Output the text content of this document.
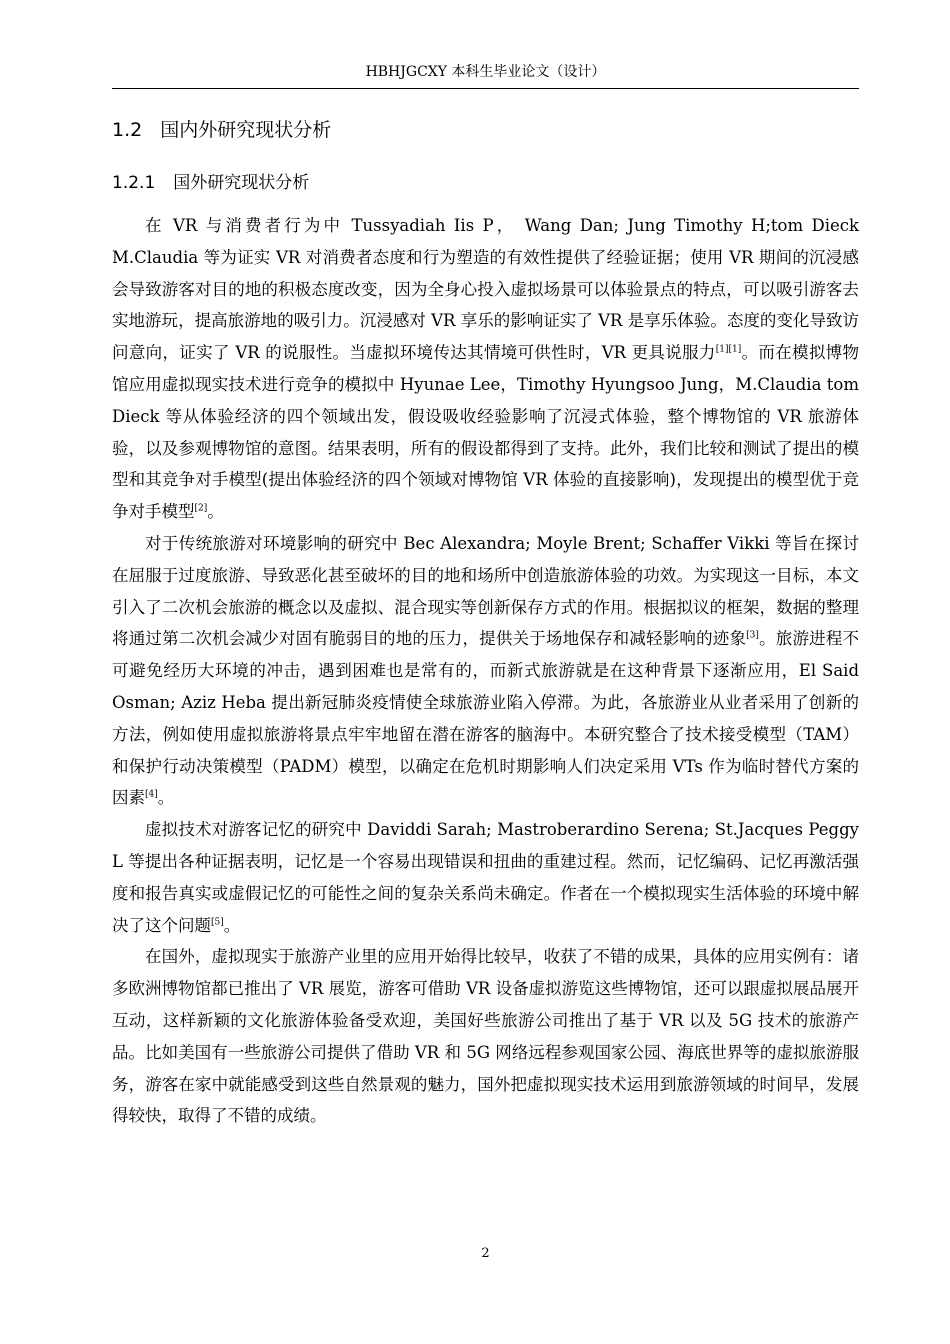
HBHJGCXY 本科生毕业论文（设计）
1.2 国内外研究现状分析
1.2.1 国外研究现状分析

在 VR 与消费者行为中 Tussyadiah Iis P， Wang Dan; Jung Timothy H;tom Dieck M.Claudia 等为证实 VR 对消费者态度和行为塑造的有效性提供了经验证据；使用 VR 期间的沉浸感会导致游客对目的地的积极态度改变，因为全身心投入虚拟场景可以体验景点的特点，可以吸引游客去实地游玩，提高旅游地的吸引力。沉浸感对 VR 享乐的影响证实了 VR 是享乐体验。态度的变化导致访问意向，证实了 VR 的说服性。当虚拟环境传达其情境可供性时，VR 更具说服力[1][1]。而在模拟博物馆应用虚拟现实技术进行竞争的模拟中 Hyunae Lee，Timothy Hyungsoo Jung，M.Claudia tom Dieck 等从体验经济的四个领域出发，假设吸收经验影响了沉浸式体验，整个博物馆的 VR 旅游体验，以及参观博物馆的意图。结果表明，所有的假设都得到了支持。此外，我们比较和测试了提出的模型和其竞争对手模型(提出体验经济的四个领域对博物馆 VR 体验的直接影响)，发现提出的模型优于竞争对手模型[2]。

对于传统旅游对环境影响的研究中 Bec Alexandra; Moyle Brent; Schaffer Vikki 等旨在探讨在屈服于过度旅游、导致恶化甚至破坏的目的地和场所中创造旅游体验的功效。为实现这一目标，本文引入了二次机会旅游的概念以及虚拟、混合现实等创新保存方式的作用。根据拟议的框架，数据的整理将通过第二次机会减少对固有脆弱目的地的压力，提供关于场地保存和减轻影响的迹象[3]。旅游进程不可避免经历大环境的冲击，遇到困难也是常有的，而新式旅游就是在这种背景下逐渐应用，El Said Osman; Aziz Heba 提出新冠肺炎疫情使全球旅游业陷入停滞。为此，各旅游业从业者采用了创新的方法，例如使用虚拟旅游将景点牢牢地留在潜在游客的脑海中。本研究整合了技术接受模型（TAM）和保护行动决策模型（PADM）模型，以确定在危机时期影响人们决定采用 VTs 作为临时替代方案的因素[4]。

虚拟技术对游客记忆的研究中 Daviddi Sarah; Mastroberardino Serena; St.Jacques Peggy L 等提出各种证据表明，记忆是一个容易出现错误和扭曲的重建过程。然而，记忆编码、记忆再激活强度和报告真实或虚假记忆的可能性之间的复杂关系尚未确定。作者在一个模拟现实生活体验的环境中解决了这个问题[5]。

在国外，虚拟现实于旅游产业里的应用开始得比较早，收获了不错的成果，具体的应用实例有：诸多欧洲博物馆都已推出了 VR 展览，游客可借助 VR 设备虚拟游览这些博物馆，还可以跟虚拟展品展开互动，这样新颖的文化旅游体验备受欢迎，美国好些旅游公司推出了基于 VR 以及 5G 技术的旅游产品。比如美国有一些旅游公司提供了借助 VR 和 5G 网络远程参观国家公园、海底世界等的虚拟旅游服务，游客在家中就能感受到这些自然景观的魅力，国外把虚拟现实技术运用到旅游领域的时间早，发展得较快，取得了不错的成绩。

2
